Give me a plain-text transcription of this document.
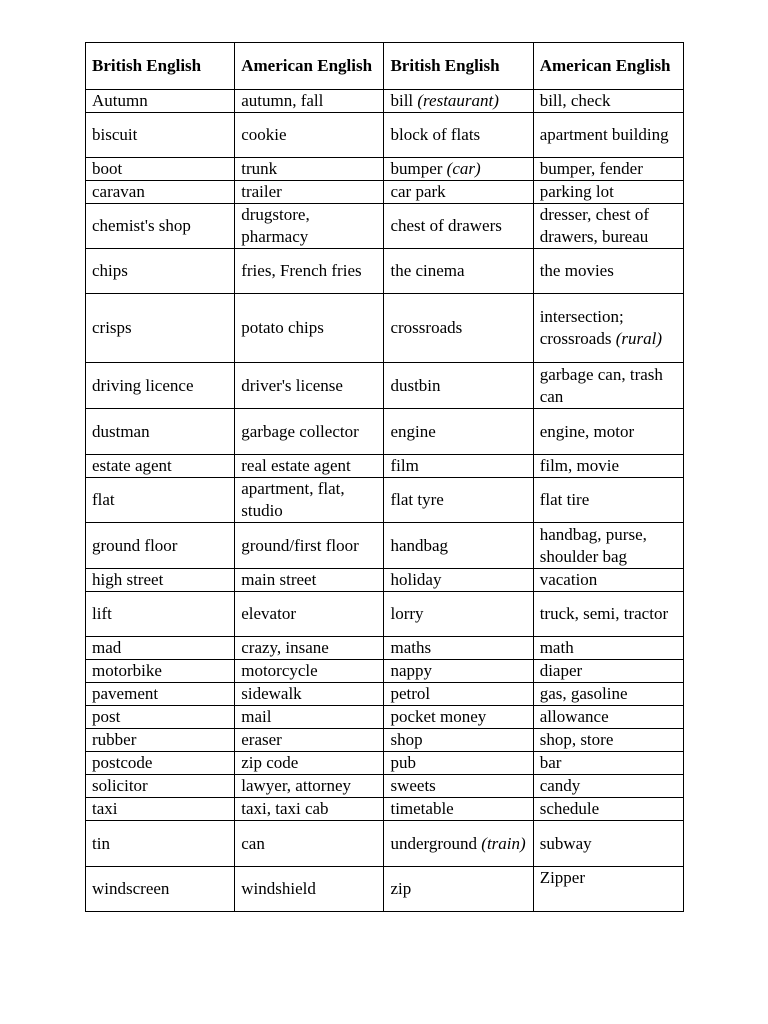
British English	American English	British English	American English
Autumn	autumn, fall	bill (restaurant)	bill, check
biscuit	cookie	block of flats	apartment building
boot	trunk	bumper (car)	bumper, fender
caravan	trailer	car park	parking lot
chemist's shop	drugstore, pharmacy	chest of drawers	dresser, chest of drawers, bureau
chips	fries, French fries	the cinema	the movies
crisps	potato chips	crossroads	intersection; crossroads (rural)
driving licence	driver's license	dustbin	garbage can, trash can
dustman	garbage collector	engine	engine, motor
estate agent	real estate agent	film	film, movie
flat	apartment, flat, studio	flat tyre	flat tire
ground floor	ground/first floor	handbag	handbag, purse, shoulder bag
high street	main street	holiday	vacation
lift	elevator	lorry	truck, semi, tractor
mad	crazy, insane	maths	math
motorbike	motorcycle	nappy	diaper
pavement	sidewalk	petrol	gas, gasoline
post	mail	pocket money	allowance
rubber	eraser	shop	shop, store
postcode	zip code	pub	bar
solicitor	lawyer, attorney	sweets	candy
taxi	taxi, taxi cab	timetable	schedule
tin	can	underground (train)	subway
windscreen	windshield	zip	Zipper
